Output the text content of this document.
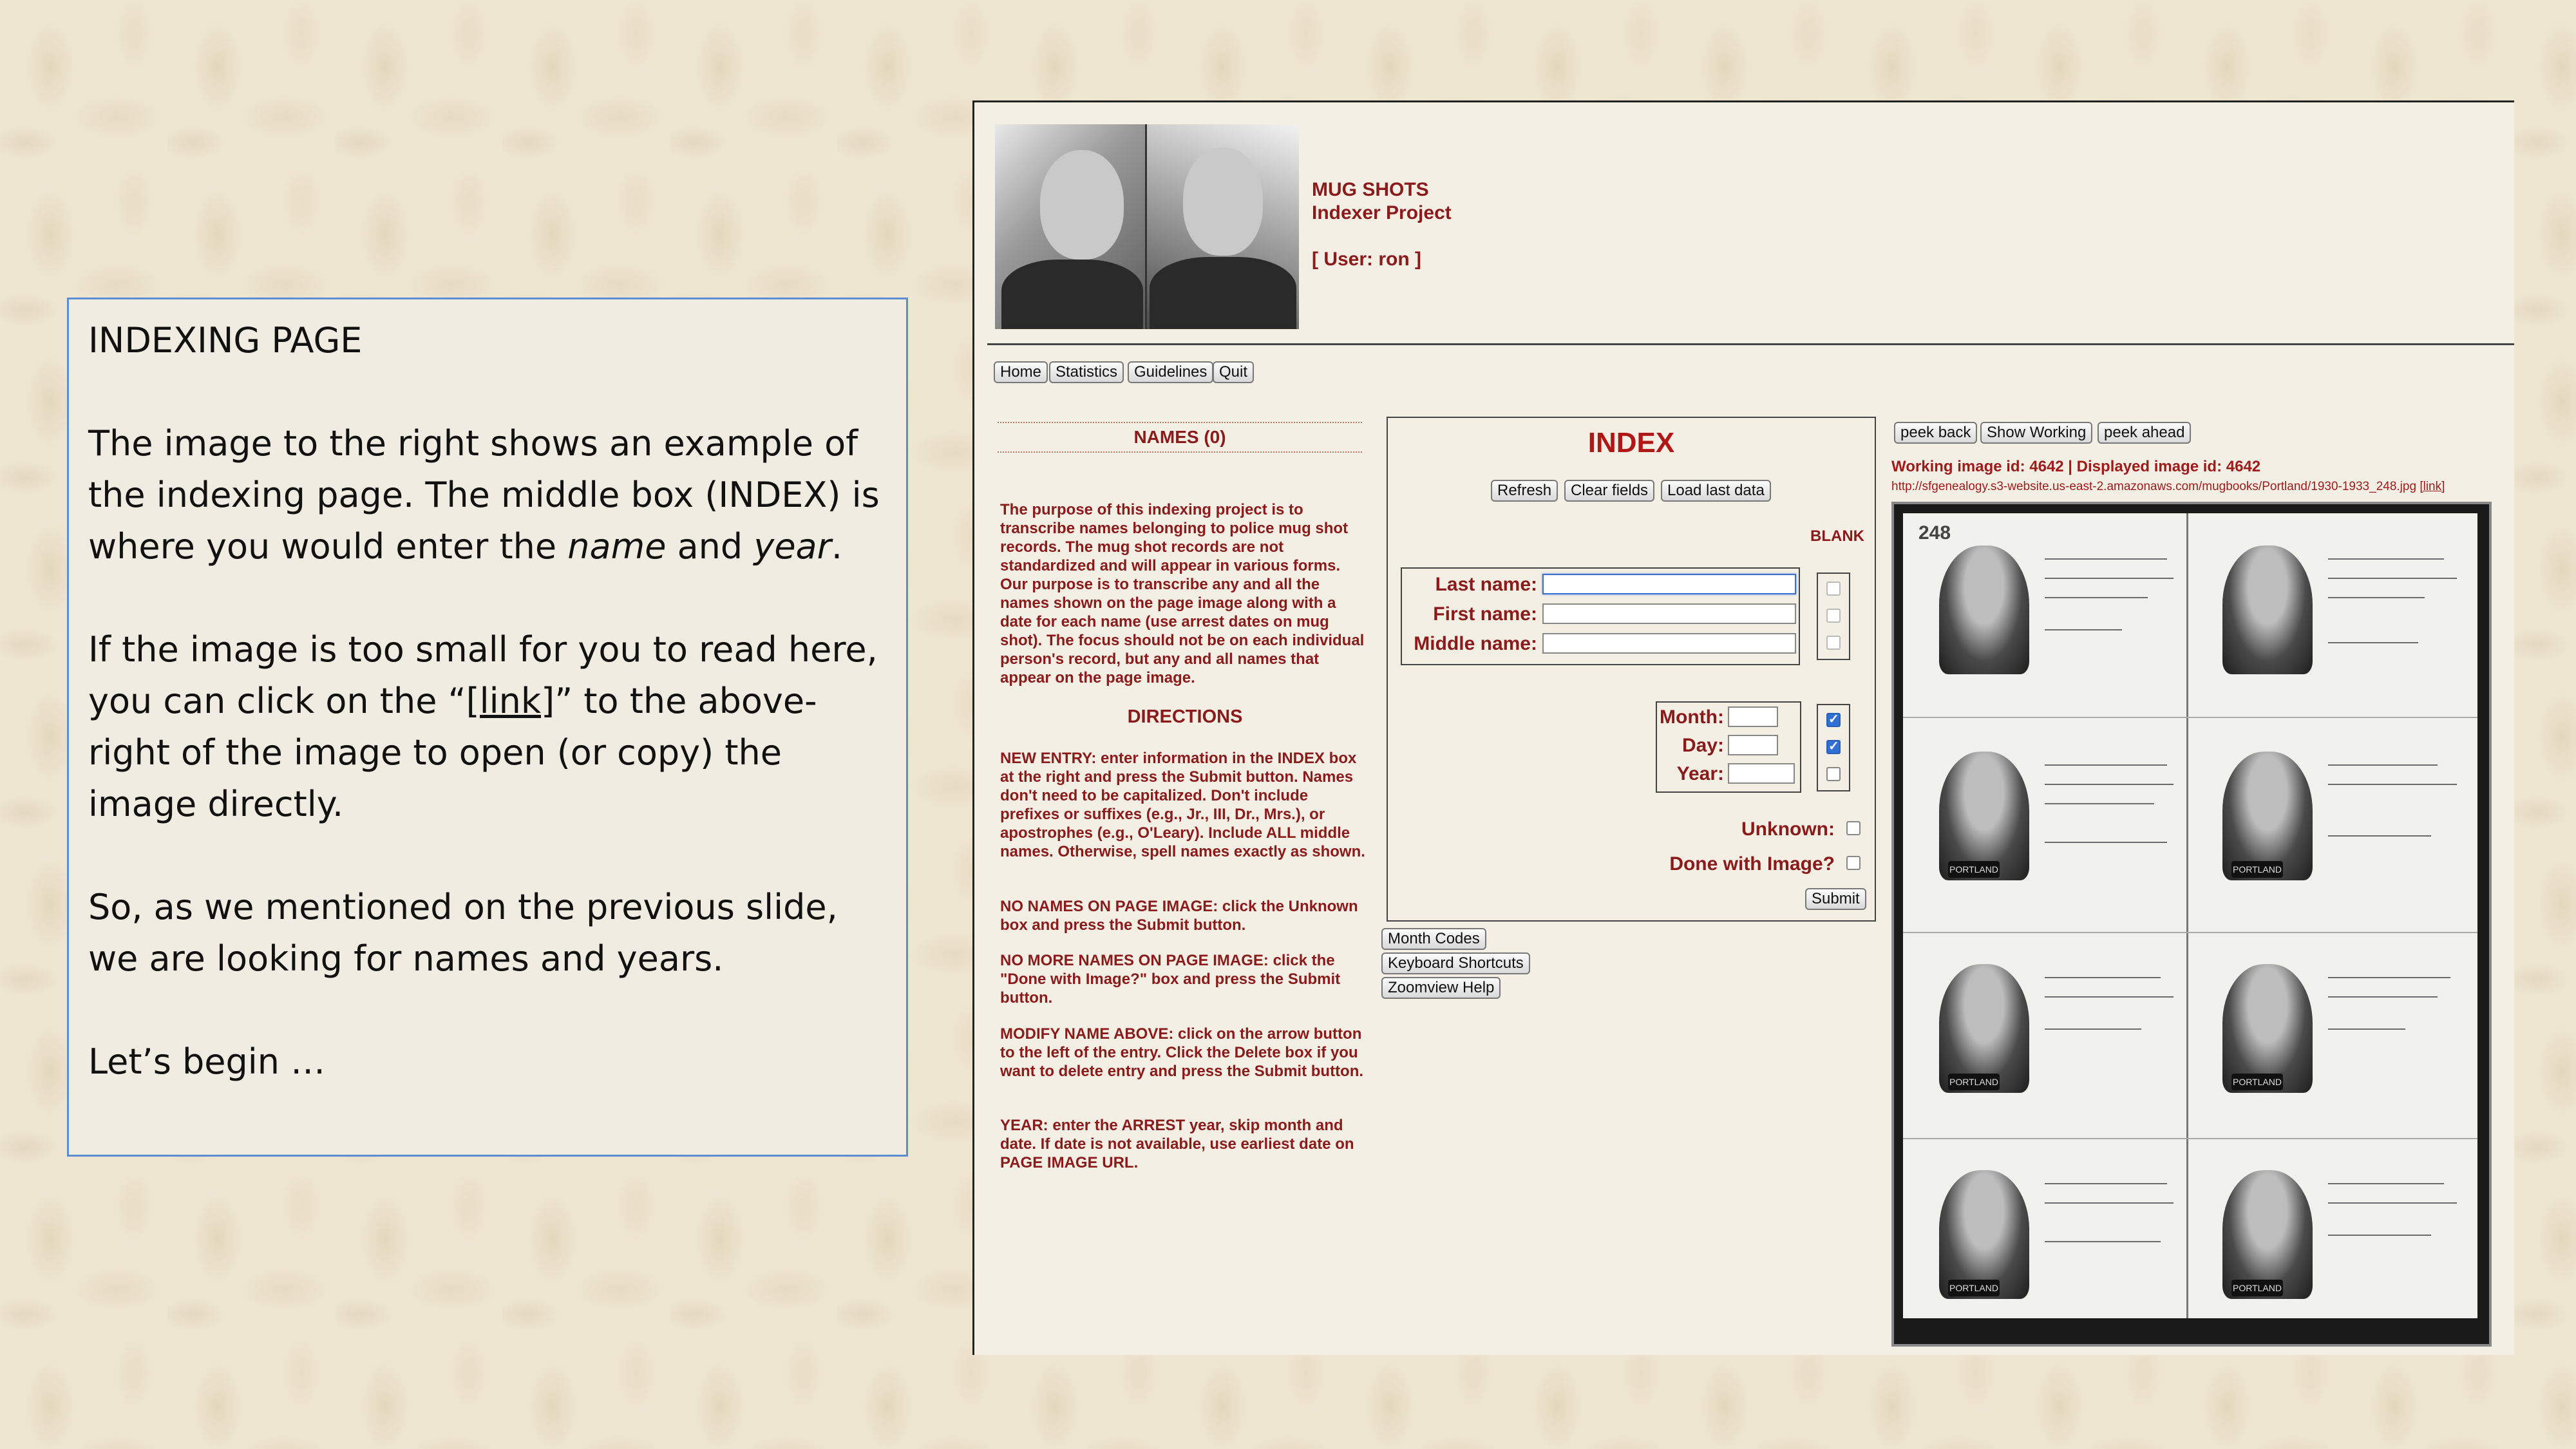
INDEXING PAGE

The image to the right shows an example of the indexing page. The middle box (INDEX) is where you would enter the name and year.

If the image is too small for you to read here, you can click on the “[link]” to the above-right of the image to open (or copy) the image directly.

So, as we mentioned on the previous slide, we are looking for names and years.

Let’s begin …

MUG SHOTS
Indexer Project
[ User: ron ]
Home Statistics	Guidelines Quit
NAMES (0)
The purpose of this indexing project is to transcribe names belonging to police mug shot records. The mug shot records are not standardized and will appear in various forms. Our purpose is to transcribe any and all the names shown on the page image along with a date for each name (use arrest dates on mug shot). The focus should not be on each individual person's record, but any and all names that appear on the page image.
DIRECTIONS
NEW ENTRY: enter information in the INDEX box at the right and press the Submit button. Names don't need to be capitalized. Don't include prefixes or suffixes (e.g., Jr., III, Dr., Mrs.), or apostrophes (e.g., O'Leary). Include ALL middle names. Otherwise, spell names exactly as shown.
NO NAMES ON PAGE IMAGE: click the Unknown box and press the Submit button.
NO MORE NAMES ON PAGE IMAGE: click the "Done with Image?" box and press the Submit button.
MODIFY NAME ABOVE: click on the arrow button to the left of the entry. Click the Delete box if you want to delete entry and press the Submit button.
YEAR: enter the ARREST year, skip month and date. If date is not available, use earliest date on PAGE IMAGE URL.
INDEX
Refresh	Clear fields	Load last data
BLANK
Last name:
First name:
Middle name:
Month:
Day:
Year:
✓
✓
Unknown:
Done with Image?
Submit
Month Codes
Keyboard Shortcuts
Zoomview Help
peek back	Show Working	peek ahead
Working image id: 4642 | Displayed image id: 4642
http://sfgenealogy.s3-website.us-east-2.amazonaws.com/mugbooks/Portland/1930-1933_248.jpg [link]
248
PORTLAND	PORTLAND
PORTLAND	PORTLAND
PORTLAND	PORTLAND
